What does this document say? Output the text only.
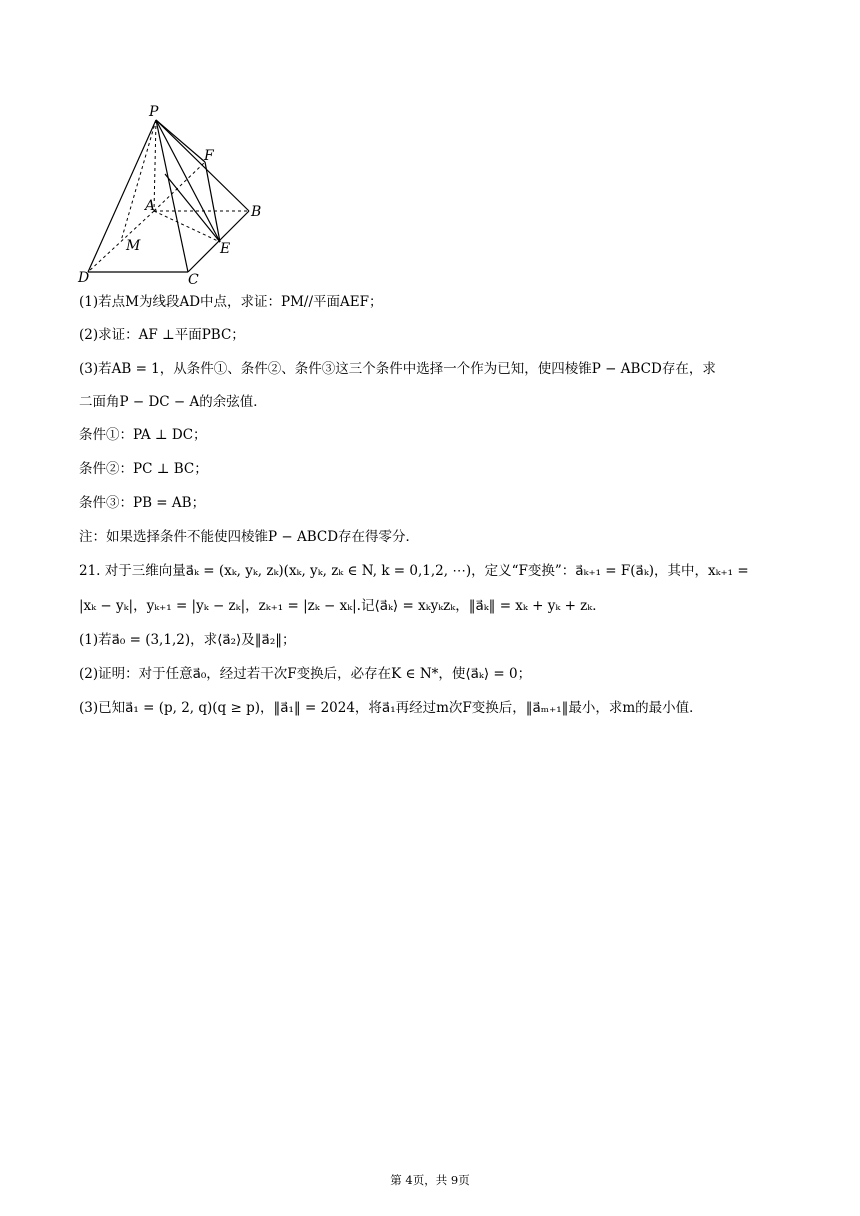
P
F
A	B
M	E
D	C
(1)若点M为线段AD中点，求证：PM//平面AEF；
(2)求证：AF ⊥平面PBC；
(3)若AB = 1，从条件①、条件②、条件③这三个条件中选择一个作为已知，使四棱锥P − ABCD存在，求
二面角P − DC − A的余弦值．
条件①：PA ⊥ DC；
条件②：PC ⊥ BC；
条件③：PB = AB；
注：如果选择条件不能使四棱锥P − ABCD存在得零分．
21. 对于三维向量a⃗ₖ = (xₖ, yₖ, zₖ)(xₖ, yₖ, zₖ ∈ N, k = 0,1,2, ⋯)，定义“F变换”：a⃗ₖ₊₁ = F(a⃗ₖ)，其中，xₖ₊₁ =
|xₖ − yₖ|，yₖ₊₁ = |yₖ − zₖ|，zₖ₊₁ = |zₖ − xₖ|.记⟨a⃗ₖ⟩ = xₖyₖzₖ，‖a⃗ₖ‖ = xₖ + yₖ + zₖ．
(1)若a⃗₀ = (3,1,2)，求⟨a⃗₂⟩及‖a⃗₂‖；
(2)证明：对于任意a⃗₀，经过若干次F变换后，必存在K ∈ N*，使⟨a⃗ₖ⟩ = 0；
(3)已知a⃗₁ = (p, 2, q)(q ≥ p)，‖a⃗₁‖ = 2024，将a⃗₁再经过m次F变换后，‖a⃗ₘ₊₁‖最小，求m的最小值．
第 4页，共 9页
